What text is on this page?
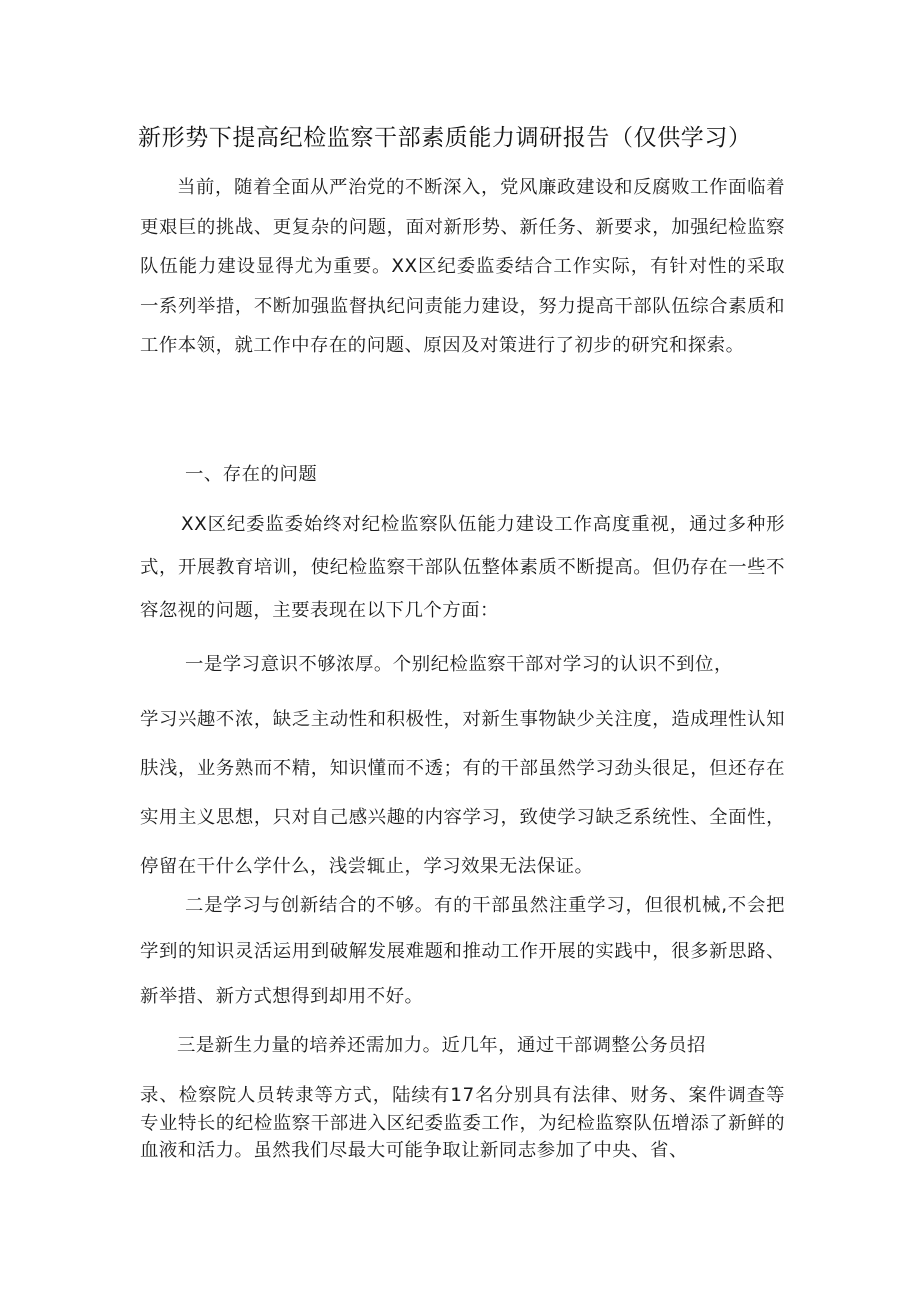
新形势下提高纪检监察干部素质能力调研报告（仅供学习）
当前，随着全面从严治党的不断深入，党风廉政建设和反腐败工作面临着更艰巨的挑战、更复杂的问题，面对新形势、新任务、新要求，加强纪检监察队伍能力建设显得尤为重要。XX区纪委监委结合工作实际，有针对性的采取一系列举措，不断加强监督执纪问责能力建设，努力提高干部队伍综合素质和工作本领，就工作中存在的问题、原因及对策进行了初步的研究和探索。
一、存在的问题
XX区纪委监委始终对纪检监察队伍能力建设工作高度重视，通过多种形式，开展教育培训，使纪检监察干部队伍整体素质不断提高。但仍存在一些不容忽视的问题，主要表现在以下几个方面：
一是学习意识不够浓厚。个别纪检监察干部对学习的认识不到位，
学习兴趣不浓，缺乏主动性和积极性，对新生事物缺少关注度，造成理性认知肤浅，业务熟而不精，知识懂而不透；有的干部虽然学习劲头很足，但还存在实用主义思想，只对自己感兴趣的内容学习，致使学习缺乏系统性、全面性，停留在干什么学什么，浅尝辄止，学习效果无法保证。
二是学习与创新结合的不够。有的干部虽然注重学习，但很机械,不会把学到的知识灵活运用到破解发展难题和推动工作开展的实践中，很多新思路、新举措、新方式想得到却用不好。
三是新生力量的培养还需加力。近几年，通过干部调整公务员招
录、检察院人员转隶等方式，陆续有17名分别具有法律、财务、案件调查等专业特长的纪检监察干部进入区纪委监委工作，为纪检监察队伍增添了新鲜的血液和活力。虽然我们尽最大可能争取让新同志参加了中央、省、
